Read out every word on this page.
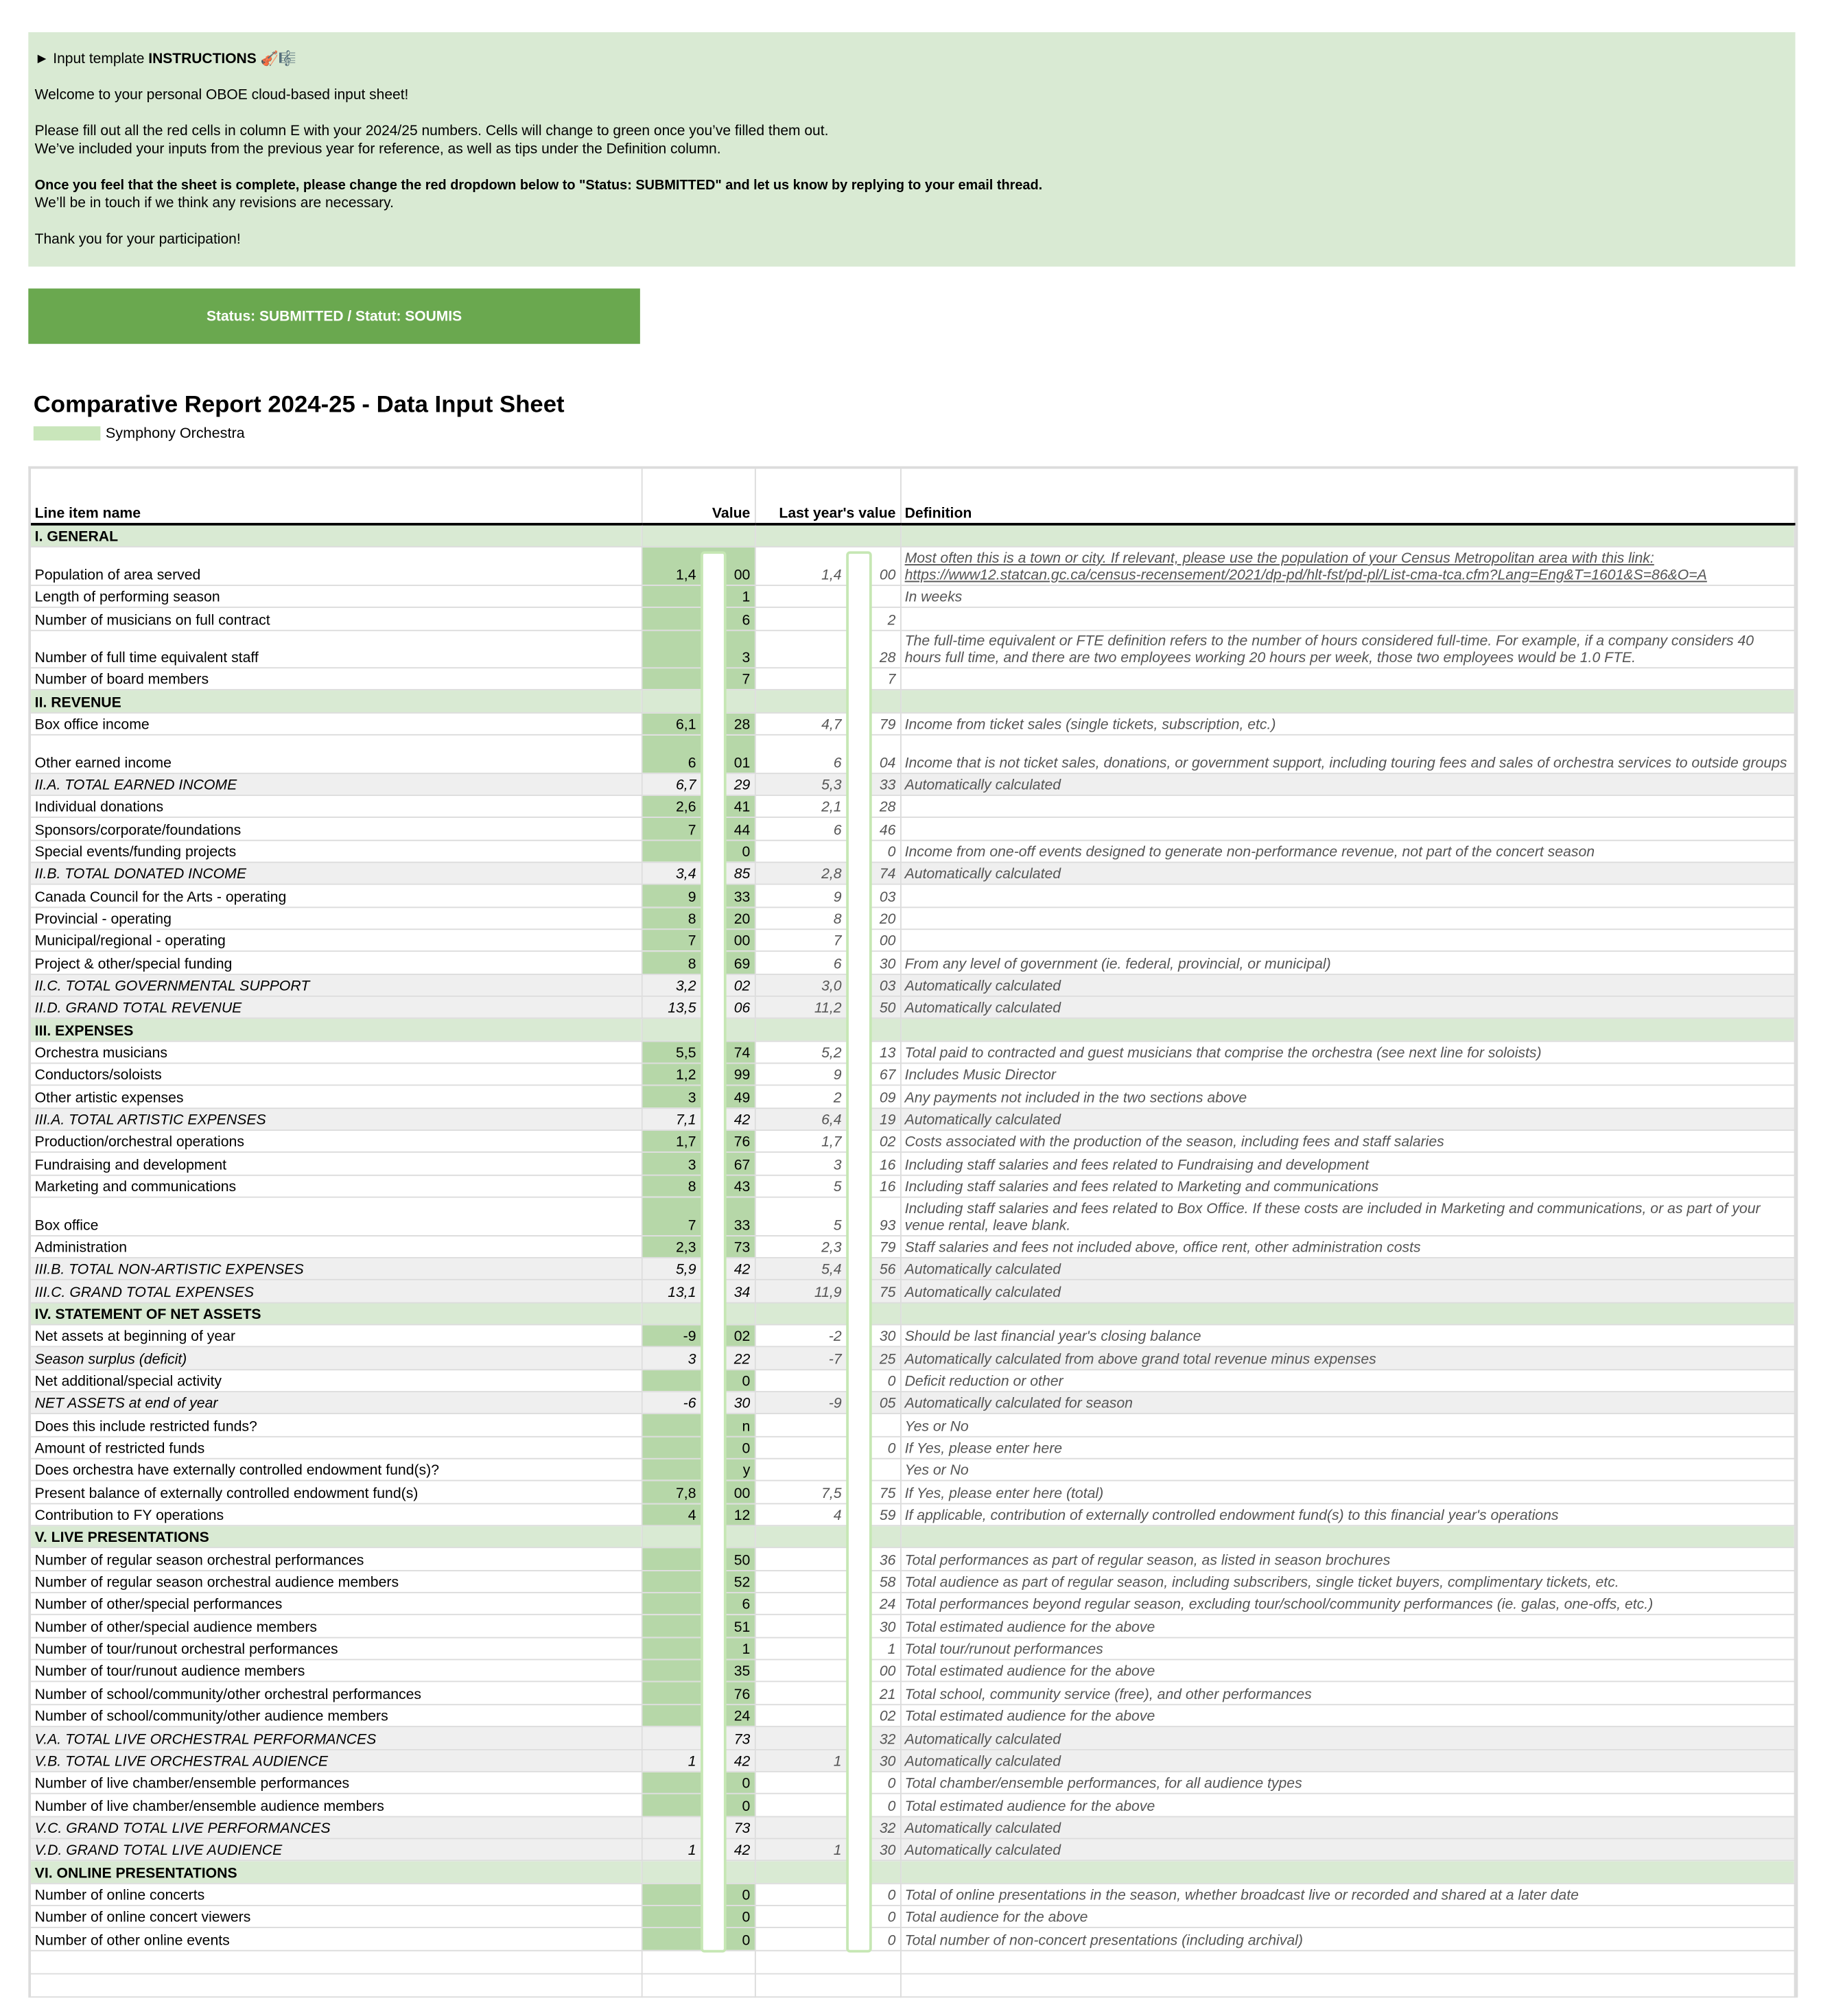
► Input template INSTRUCTIONS 🎻🎼

Welcome to your personal OBOE cloud-based input sheet!

Please fill out all the red cells in column E with your 2024/25 numbers. Cells will change to green once you’ve filled them out.

We’ve included your inputs from the previous year for reference, as well as tips under the Definition column.

Once you feel that the sheet is complete, please change the red dropdown below to "Status: SUBMITTED" and let us know by replying to your email thread.

We’ll be in touch if we think any revisions are necessary.

Thank you for your participation!

Status: SUBMITTED / Statut: SOUMIS
Comparative Report 2024-25 - Data Input Sheet
Symphony Orchestra
Line item name	Value	Last year's value	Definition
I. GENERAL			
Population of area served	1,4 00	1,4 00	Most often this is a town or city. If relevant, please use the population of your Census Metropolitan area with this link:
https://www12.statcan.gc.ca/census-recensement/2021/dp-pd/hlt-fst/pd-pl/List-cma-tca.cfm?Lang=Eng&T=1601&S=86&O=A
Length of performing season	1		In weeks
Number of musicians on full contract	6	2	
Number of full time equivalent staff	3	28	The full-time equivalent or FTE definition refers to the number of hours considered full-time. For example, if a company considers 40 hours full time, and there are two employees working 20 hours per week, those two employees would be 1.0 FTE.
Number of board members	7	7	
II. REVENUE			
Box office income	6,1 28	4,7 79	Income from ticket sales (single tickets, subscription, etc.)
Other earned income	6 01	6 04	Income that is not ticket sales, donations, or government support, including touring fees and sales of orchestra services to outside groups
II.A. TOTAL EARNED INCOME	6,7 29	5,3 33	Automatically calculated
Individual donations	2,6 41	2,1 28	
Sponsors/corporate/foundations	7 44	6 46	
Special events/funding projects	0	0	Income from one-off events designed to generate non-performance revenue, not part of the concert season
II.B. TOTAL DONATED INCOME	3,4 85	2,8 74	Automatically calculated
Canada Council for the Arts - operating	9 33	9 03	
Provincial - operating	8 20	8 20	
Municipal/regional - operating	7 00	7 00	
Project & other/special funding	8 69	6 30	From any level of government (ie. federal, provincial, or municipal)
II.C. TOTAL GOVERNMENTAL SUPPORT	3,2 02	3,0 03	Automatically calculated
II.D. GRAND TOTAL REVENUE	13,5 06	11,2 50	Automatically calculated
III. EXPENSES			
Orchestra musicians	5,5 74	5,2 13	Total paid to contracted and guest musicians that comprise the orchestra (see next line for soloists)
Conductors/soloists	1,2 99	9 67	Includes Music Director
Other artistic expenses	3 49	2 09	Any payments not included in the two sections above
III.A. TOTAL ARTISTIC EXPENSES	7,1 42	6,4 19	Automatically calculated
Production/orchestral operations	1,7 76	1,7 02	Costs associated with the production of the season, including fees and staff salaries
Fundraising and development	3 67	3 16	Including staff salaries and fees related to Fundraising and development
Marketing and communications	8 43	5 16	Including staff salaries and fees related to Marketing and communications
Box office	7 33	5 93	Including staff salaries and fees related to Box Office. If these costs are included in Marketing and communications, or as part of your venue rental, leave blank.
Administration	2,3 73	2,3 79	Staff salaries and fees not included above, office rent, other administration costs
III.B. TOTAL NON-ARTISTIC EXPENSES	5,9 42	5,4 56	Automatically calculated
III.C. GRAND TOTAL EXPENSES	13,1 34	11,9 75	Automatically calculated
IV. STATEMENT OF NET ASSETS			
Net assets at beginning of year	-9 02	-2 30	Should be last financial year's closing balance
Season surplus (deficit)	3 22	-7 25	Automatically calculated from above grand total revenue minus expenses
Net additional/special activity	0	0	Deficit reduction or other
NET ASSETS at end of year	-6 30	-9 05	Automatically calculated for season
Does this include restricted funds?	n		Yes or No
Amount of restricted funds	0	0	If Yes, please enter here
Does orchestra have externally controlled endowment fund(s)?	y		Yes or No
Present balance of externally controlled endowment fund(s)	7,8 00	7,5 75	If Yes, please enter here (total)
Contribution to FY operations	4 12	4 59	If applicable, contribution of externally controlled endowment fund(s) to this financial year's operations
V. LIVE PRESENTATIONS			
Number of regular season orchestral performances	50	36	Total performances as part of regular season, as listed in season brochures
Number of regular season orchestral audience members	52	58	Total audience as part of regular season, including subscribers, single ticket buyers, complimentary tickets, etc.
Number of other/special performances	6	24	Total performances beyond regular season, excluding tour/school/community performances (ie. galas, one-offs, etc.)
Number of other/special audience members	51	30	Total estimated audience for the above
Number of tour/runout orchestral performances	1	1	Total tour/runout performances
Number of tour/runout audience members	35	00	Total estimated audience for the above
Number of school/community/other orchestral performances	76	21	Total school, community service (free), and other performances
Number of school/community/other audience members	24	02	Total estimated audience for the above
V.A. TOTAL LIVE ORCHESTRAL PERFORMANCES	73	32	Automatically calculated
V.B. TOTAL LIVE ORCHESTRAL AUDIENCE	1 42	1 30	Automatically calculated
Number of live chamber/ensemble performances	0	0	Total chamber/ensemble performances, for all audience types
Number of live chamber/ensemble audience members	0	0	Total estimated audience for the above
V.C. GRAND TOTAL LIVE PERFORMANCES	73	32	Automatically calculated
V.D. GRAND TOTAL LIVE AUDIENCE	1 42	1 30	Automatically calculated
VI. ONLINE PRESENTATIONS			
Number of online concerts	0	0	Total of online presentations in the season, whether broadcast live or recorded and shared at a later date
Number of online concert viewers	0	0	Total audience for the above
Number of other online events	0	0	Total number of non-concert presentations (including archival)
